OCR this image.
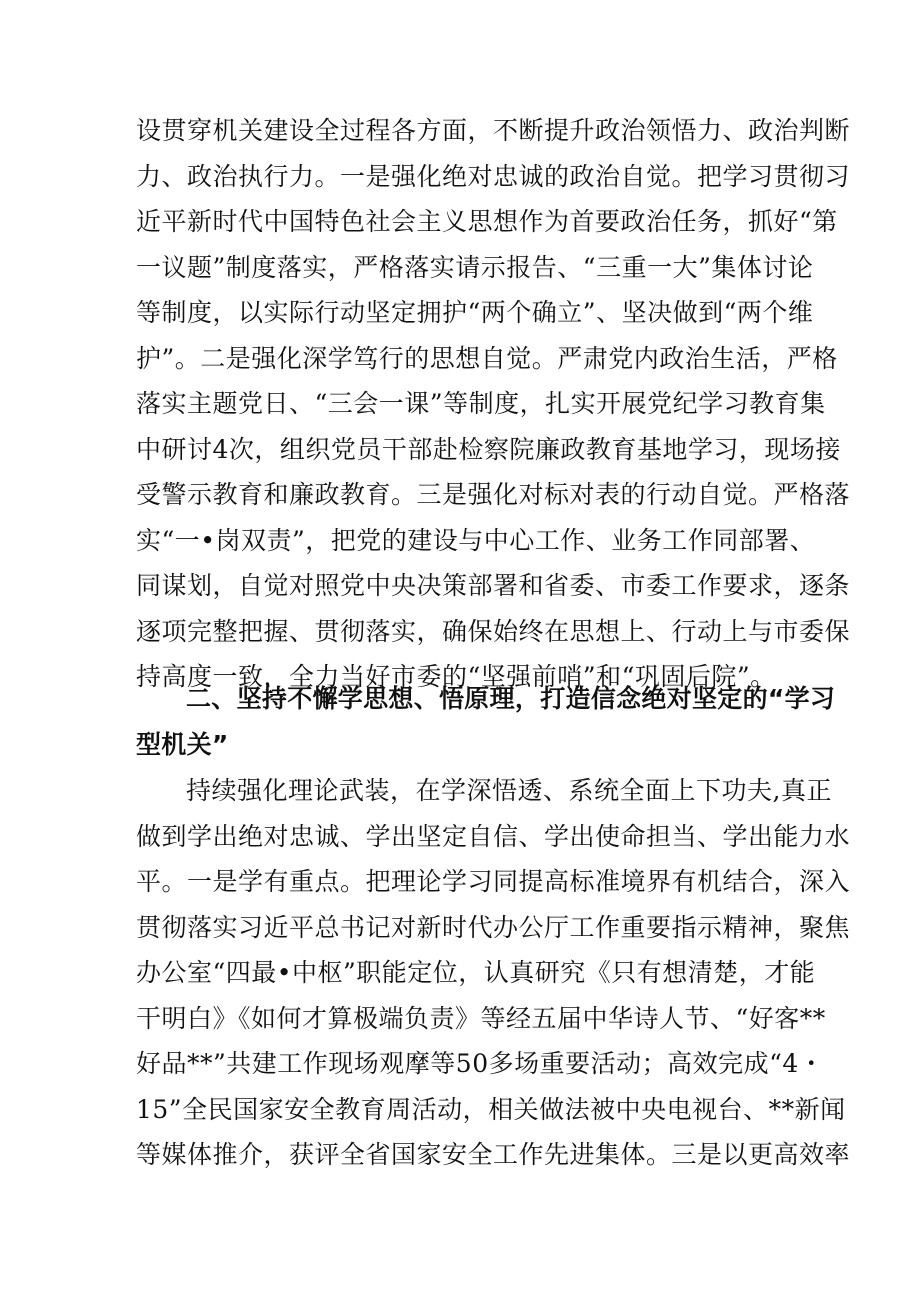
设贯穿机关建设全过程各方面，不断提升政治领悟力、政治判断
力、政治执行力。一是强化绝对忠诚的政治自觉。把学习贯彻习
近平新时代中国特色社会主义思想作为首要政治任务，抓好“第
一议题”制度落实，严格落实请示报告、“三重一大”集体讨论
等制度，以实际行动坚定拥护“两个确立”、坚决做到“两个维
护”。二是强化深学笃行的思想自觉。严肃党内政治生活，严格
落实主题党日、“三会一课”等制度，扎实开展党纪学习教育集
中研讨4次，组织党员干部赴检察院廉政教育基地学习，现场接
受警示教育和廉政教育。三是强化对标对表的行动自觉。严格落
实“一•岗双责”，把党的建设与中心工作、业务工作同部署、
同谋划，自觉对照党中央决策部署和省委、市委工作要求，逐条
逐项完整把握、贯彻落实，确保始终在思想上、行动上与市委保
持高度一致，全力当好市委的“坚强前哨”和“巩固后院”。
二、坚持不懈学思想、悟原理，打造信念绝对坚定的“学习
型机关”
持续强化理论武装，在学深悟透、系统全面上下功夫,真正
做到学出绝对忠诚、学出坚定自信、学出使命担当、学出能力水
平。一是学有重点。把理论学习同提高标准境界有机结合，深入
贯彻落实习近平总书记对新时代办公厅工作重要指示精神，聚焦
办公室“四最•中枢”职能定位，认真研究《只有想清楚，才能
干明白》《如何才算极端负责》等经五届中华诗人节、“好客**
好品**”共建工作现场观摩等50多场重要活动；高效完成“4・
15”全民国家安全教育周活动，相关做法被中央电视台、**新闻
等媒体推介，获评全省国家安全工作先进集体。三是以更高效率
